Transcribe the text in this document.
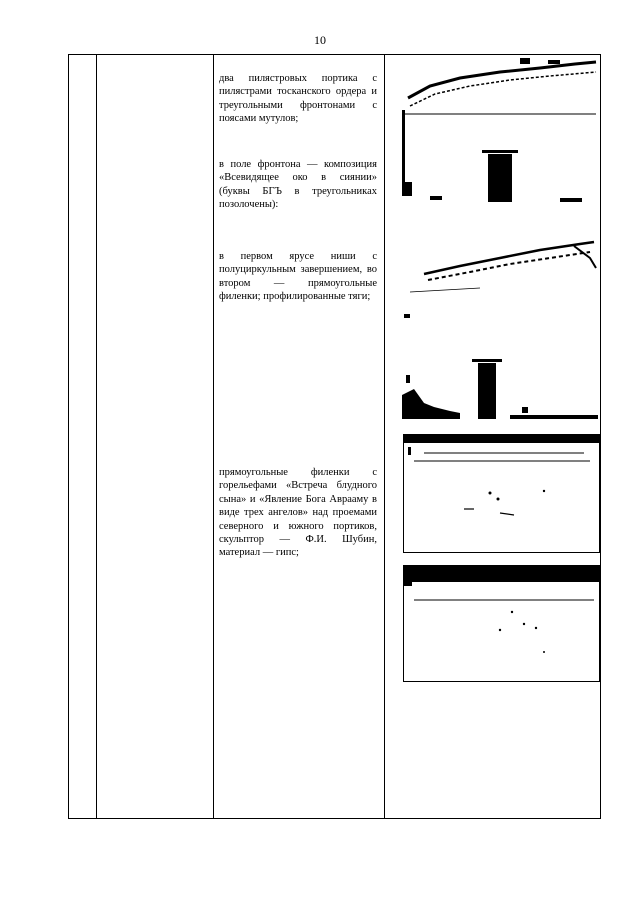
10

два пилястровых портика с пилястрами тосканского ордера и треугольными фронтонами с поясами мутулов;

в поле фронтона — композиция «Всевидящее око в сиянии» (буквы БГЪ в треугольниках позолочены):

в первом ярусе ниши с полуциркульным завершением, во втором — прямоугольные филенки; профилированные тяги;

прямоугольные филенки с горельефами «Встреча блудного сына» и «Явление Бога Аврааму в виде трех ангелов» над проемами северного и южного портиков, скульптор — Ф.И. Шубин, материал — гипс;
